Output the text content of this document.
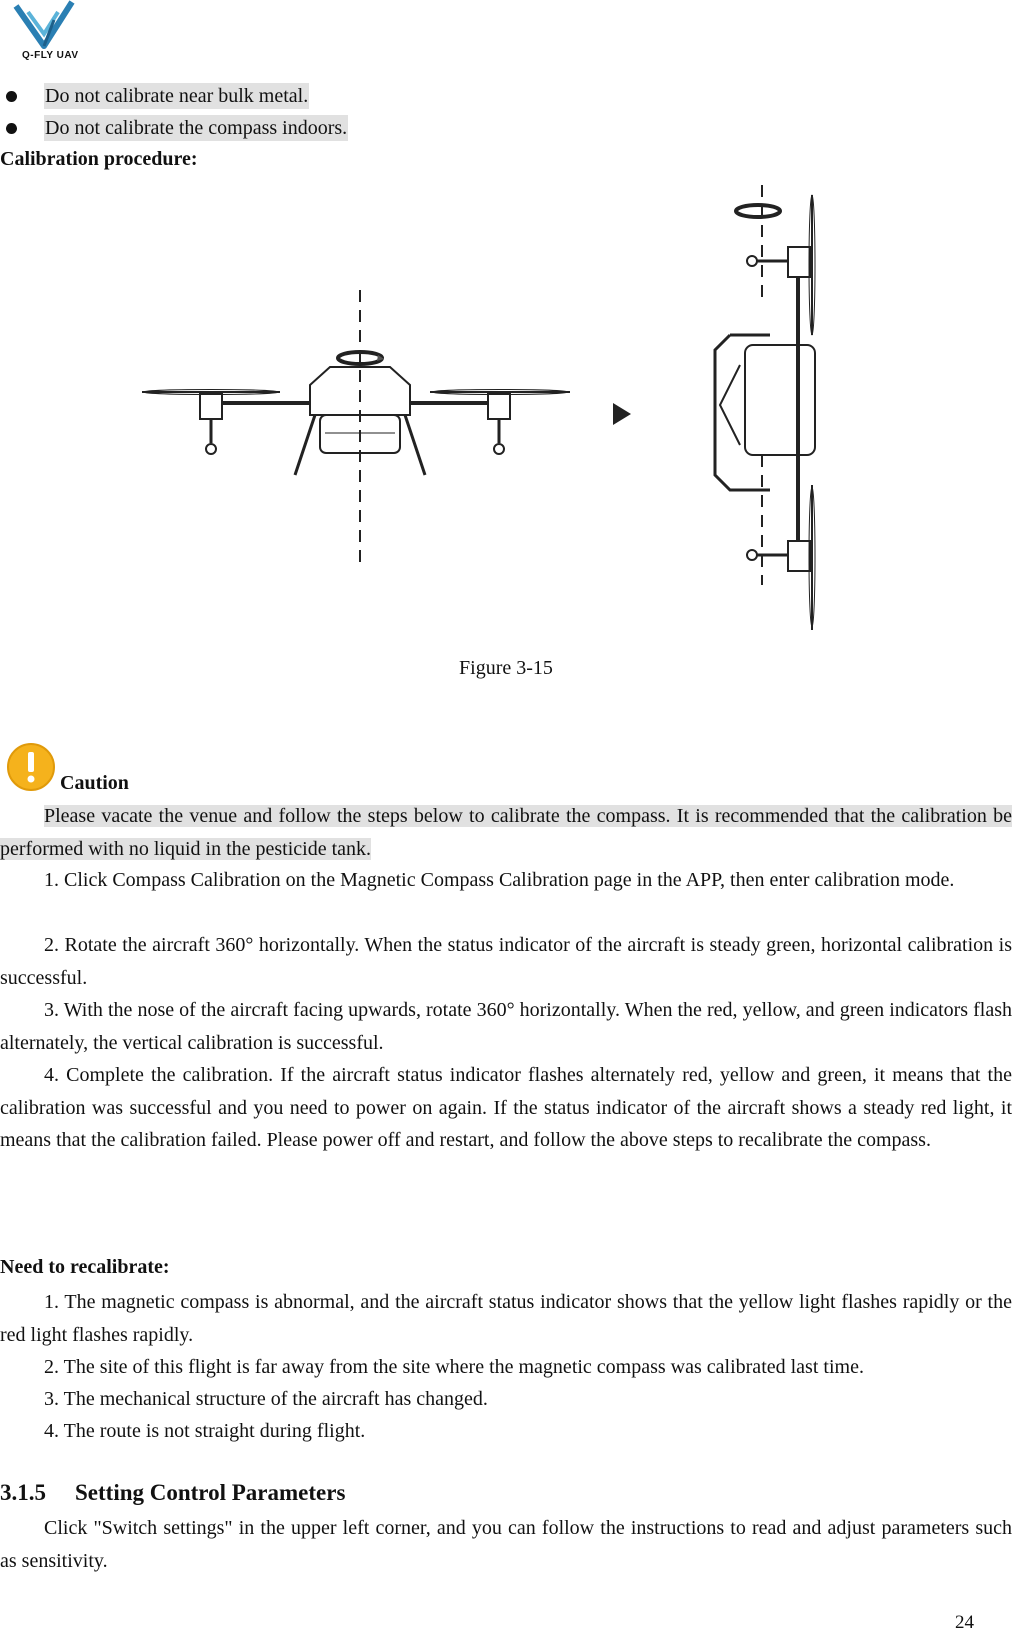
Q-FLY UAV
Do not calibrate near bulk metal.
Do not calibrate the compass indoors.
Calibration procedure:
Figure 3-15
Caution
Please vacate the venue and follow the steps below to calibrate the compass. It is recommended that the calibration be performed with no liquid in the pesticide tank.
1. Click Compass Calibration on the Magnetic Compass Calibration page in the APP, then enter calibration mode.
2. Rotate the aircraft 360° horizontally. When the status indicator of the aircraft is steady green, horizontal calibration is successful.
3. With the nose of the aircraft facing upwards, rotate 360° horizontally. When the red, yellow, and green indicators flash alternately, the vertical calibration is successful.
4. Complete the calibration. If the aircraft status indicator flashes alternately red, yellow and green, it means that the calibration was successful and you need to power on again. If the status indicator of the aircraft shows a steady red light, it means that the calibration failed. Please power off and restart, and follow the above steps to recalibrate the compass.
Need to recalibrate:
1. The magnetic compass is abnormal, and the aircraft status indicator shows that the yellow light flashes rapidly or the red light flashes rapidly.
2. The site of this flight is far away from the site where the magnetic compass was calibrated last time.
3. The mechanical structure of the aircraft has changed.
4. The route is not straight during flight.
3.1.5 Setting Control Parameters
Click "Switch settings" in the upper left corner, and you can follow the instructions to read and adjust parameters such as sensitivity.
24
